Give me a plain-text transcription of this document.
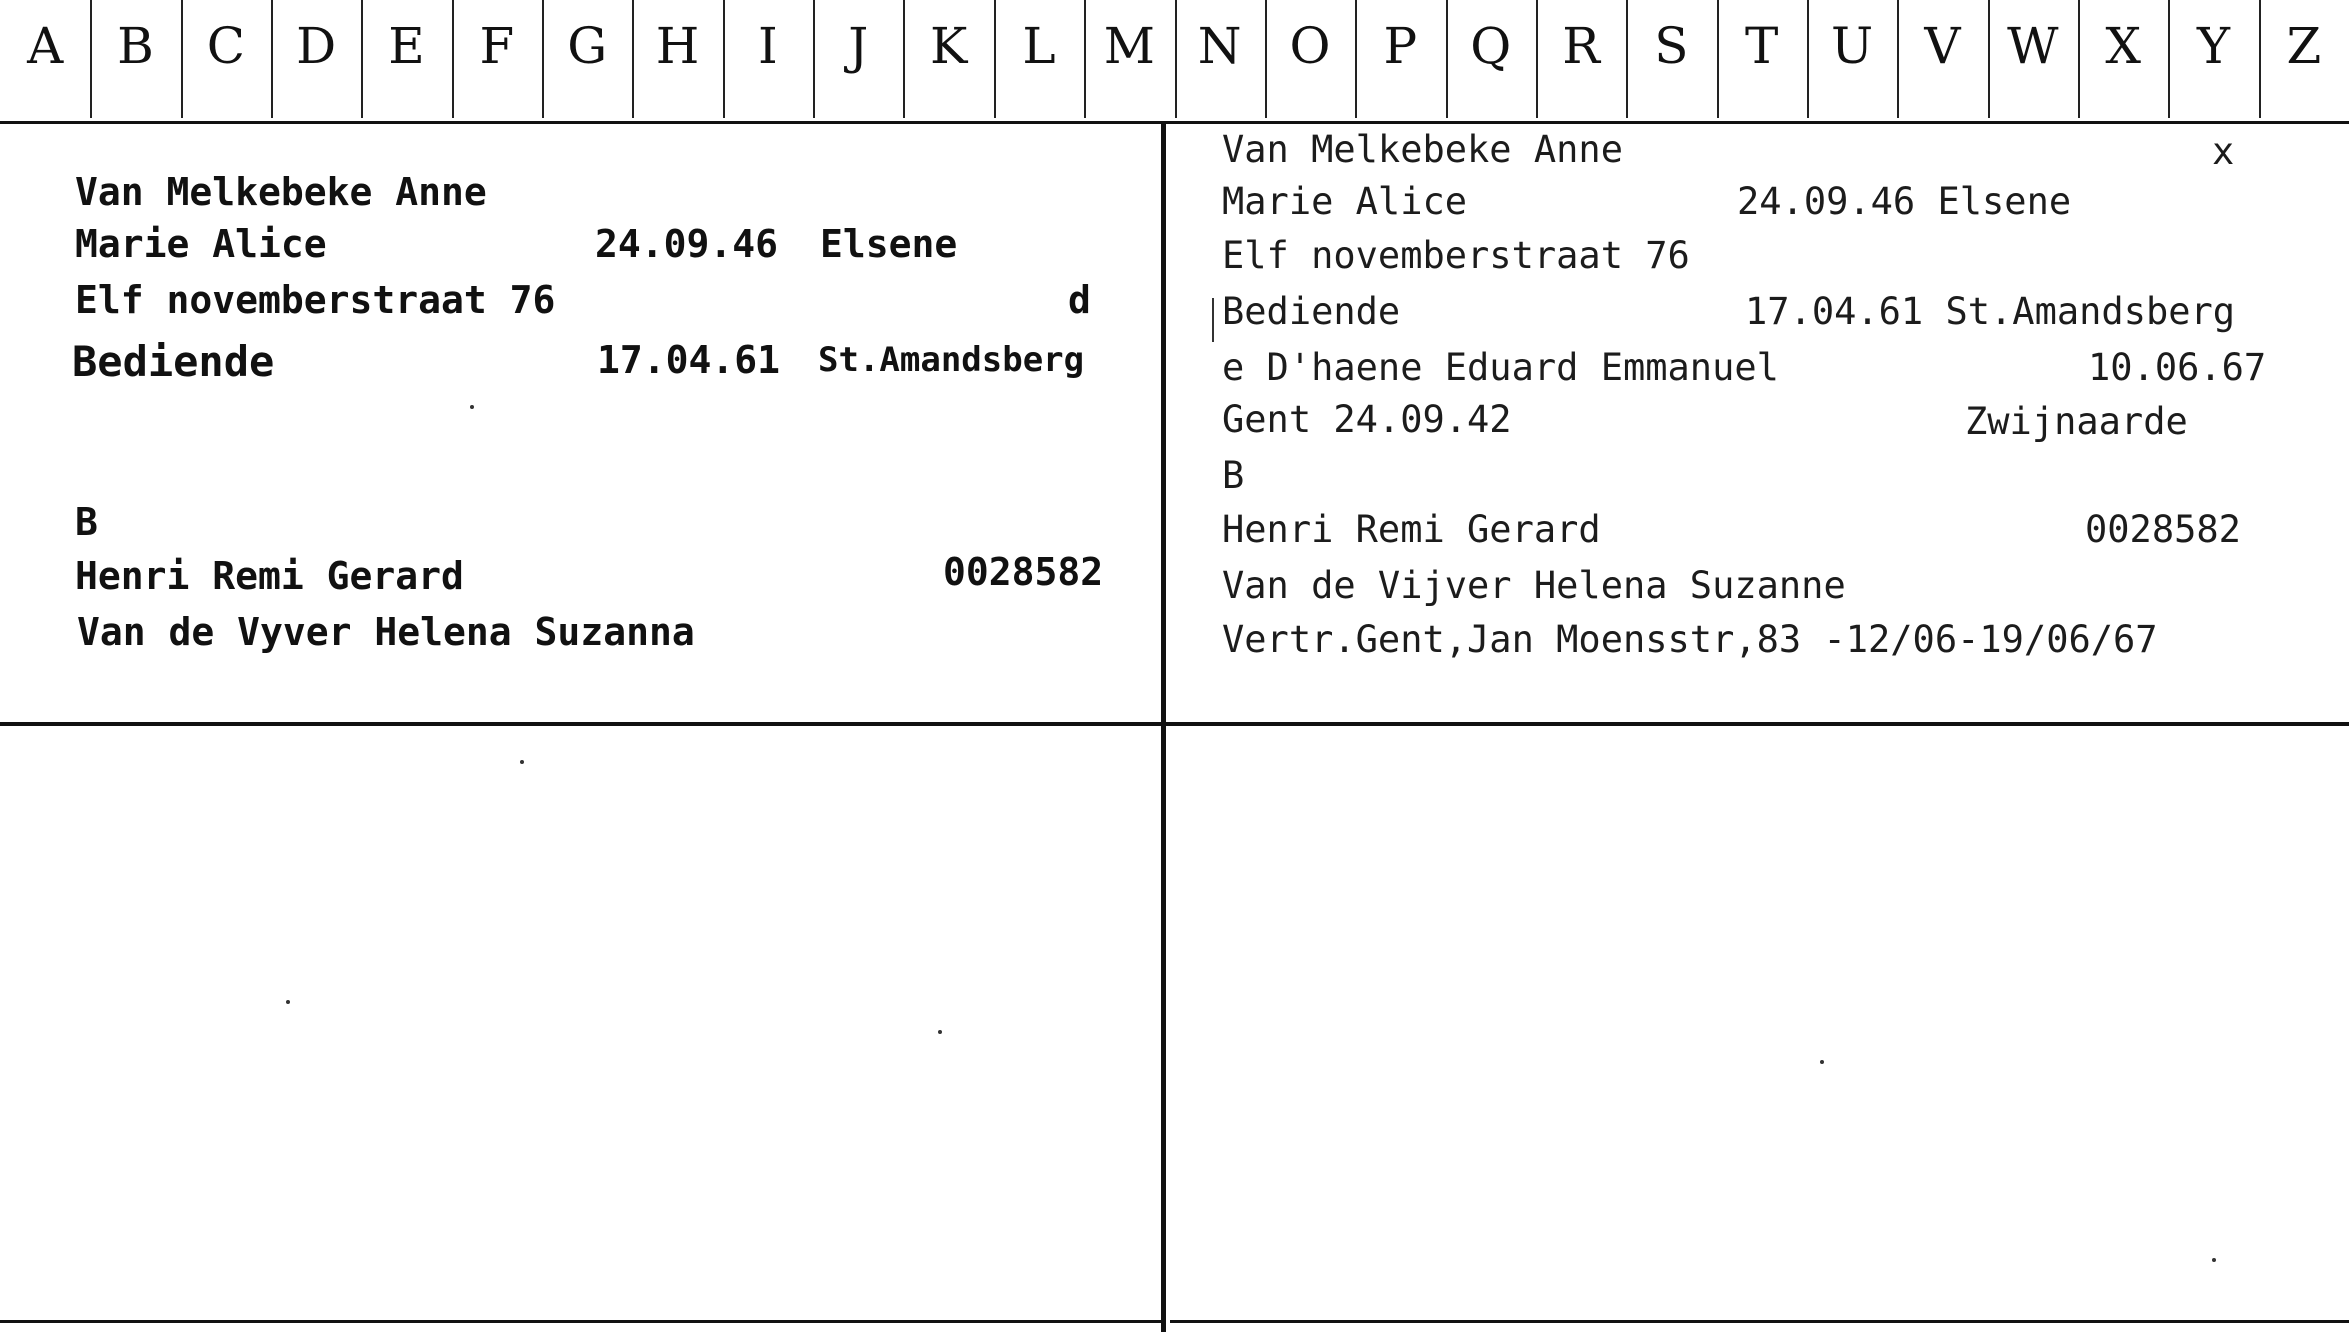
A B C D E F G H I J K L M N O P Q R S T U V W X Y Z
Van Melkebeke Anne
Marie Alice	24.09.46 Elsene
Elf novemberstraat 76	d
Bediende	17.04.61 St.Amandsberg
B
Henri Remi Gerard	0028582
Van de Vyver Helena Suzanna
Van Melkebeke Anne	x
Marie Alice	24.09.46 Elsene
Elf novemberstraat 76
Bediende	17.04.61 St.Amandsberg
e D'haene Eduard Emmanuel	10.06.67
Gent 24.09.42	Zwijnaarde
B
Henri Remi Gerard	0028582
Van de Vijver Helena Suzanne
Vertr.Gent,Jan Moensstr,83 -12/06-19/06/67
